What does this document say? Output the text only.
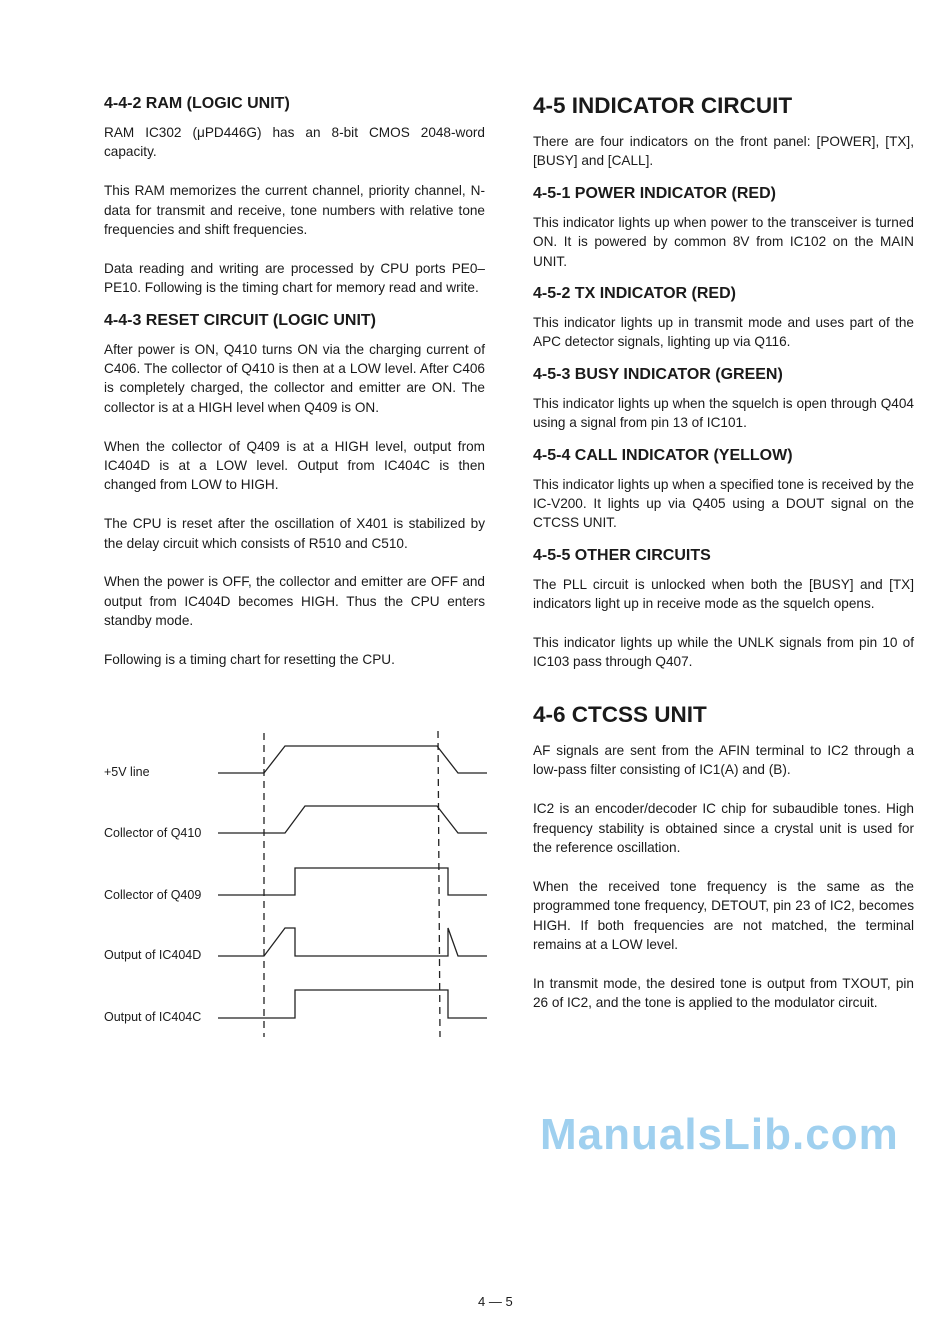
4-4-2 RAM (LOGIC UNIT)

RAM IC302 (μPD446G) has an 8-bit CMOS 2048-word capacity.

This RAM memorizes the current channel, priority channel, N-data for transmit and receive, tone numbers with relative tone frequencies and shift frequencies.

Data reading and writing are processed by CPU ports PE0–PE10. Following is the timing chart for memory read and write.

4-4-3 RESET CIRCUIT (LOGIC UNIT)

After power is ON, Q410 turns ON via the charging current of C406. The collector of Q410 is then at a LOW level. After C406 is completely charged, the collector and emitter are ON. The collector is at a HIGH level when Q409 is ON.

When the collector of Q409 is at a HIGH level, output from IC404D is at a LOW level. Output from IC404C is then changed from LOW to HIGH.

The CPU is reset after the oscillation of X401 is stabilized by the delay circuit which consists of R510 and C510.

When the power is OFF, the collector and emitter are OFF and output from IC404D becomes HIGH. Thus the CPU enters standby mode.

Following is a timing chart for resetting the CPU.

+5V line
Collector of Q410
Collector of Q409
Output of IC404D
Output of IC404C
4-5 INDICATOR CIRCUIT

There are four indicators on the front panel: [POWER], [TX], [BUSY] and [CALL].

4-5-1 POWER INDICATOR (RED)

This indicator lights up when power to the transceiver is turned ON. It is powered by common 8V from IC102 on the MAIN UNIT.

4-5-2 TX INDICATOR (RED)

This indicator lights up in transmit mode and uses part of the APC detector signals, lighting up via Q116.

4-5-3 BUSY INDICATOR (GREEN)

This indicator lights up when the squelch is open through Q404 using a signal from pin 13 of IC101.

4-5-4 CALL INDICATOR (YELLOW)

This indicator lights up when a specified tone is received by the IC-V200. It lights up via Q405 using a DOUT signal on the CTCSS UNIT.

4-5-5 OTHER CIRCUITS

The PLL circuit is unlocked when both the [BUSY] and [TX] indicators light up in receive mode as the squelch opens.

This indicator lights up while the UNLK signals from pin 10 of IC103 pass through Q407.

4-6 CTCSS UNIT

AF signals are sent from the AFIN terminal to IC2 through a low-pass filter consisting of IC1(A) and (B).

IC2 is an encoder/decoder IC chip for subaudible tones. High frequency stability is obtained since a crystal unit is used for the reference oscillation.

When the received tone frequency is the same as the programmed tone frequency, DETOUT, pin 23 of IC2, becomes HIGH. If both frequencies are not matched, the terminal remains at a LOW level.

In transmit mode, the desired tone is output from TXOUT, pin 26 of IC2, and the tone is applied to the modulator circuit.

ManualsLib.com
4 — 5
